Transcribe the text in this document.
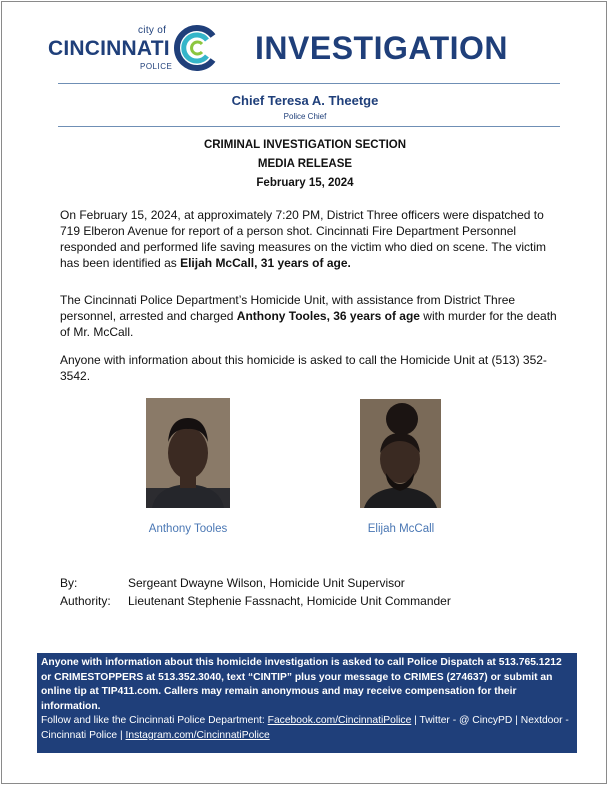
city of
CINCINNATI
POLICE
INVESTIGATION
Chief Teresa A. Theetge
Police Chief
CRIMINAL INVESTIGATION SECTION
MEDIA RELEASE
February 15, 2024
On February 15, 2024, at approximately 7:20 PM, District Three officers were dispatched to 719 Elberon Avenue for report of a person shot. Cincinnati Fire Department Personnel responded and performed life saving measures on the victim who died on scene. The victim has been identified as Elijah McCall, 31 years of age.
The Cincinnati Police Department’s Homicide Unit, with assistance from District Three personnel, arrested and charged Anthony Tooles, 36 years of age with murder for the death of Mr. McCall.
Anyone with information about this homicide is asked to call the Homicide Unit at (513) 352-3542.
Anthony Tooles	Elijah McCall
By:	Sergeant Dwayne Wilson, Homicide Unit Supervisor
Authority: Lieutenant Stephenie Fassnacht, Homicide Unit Commander
Anyone with information about this homicide investigation is asked to call Police Dispatch at 513.765.1212 or CRIMESTOPPERS at 513.352.3040, text “CINTIP” plus your message to CRIMES (274637) or submit an online tip at TIP411.com. Callers may remain anonymous and may receive compensation for their information.
Follow and like the Cincinnati Police Department: Facebook.com/CincinnatiPolice | Twitter - @ CincyPD | Nextdoor - Cincinnati Police | Instagram.com/CincinnatiPolice
